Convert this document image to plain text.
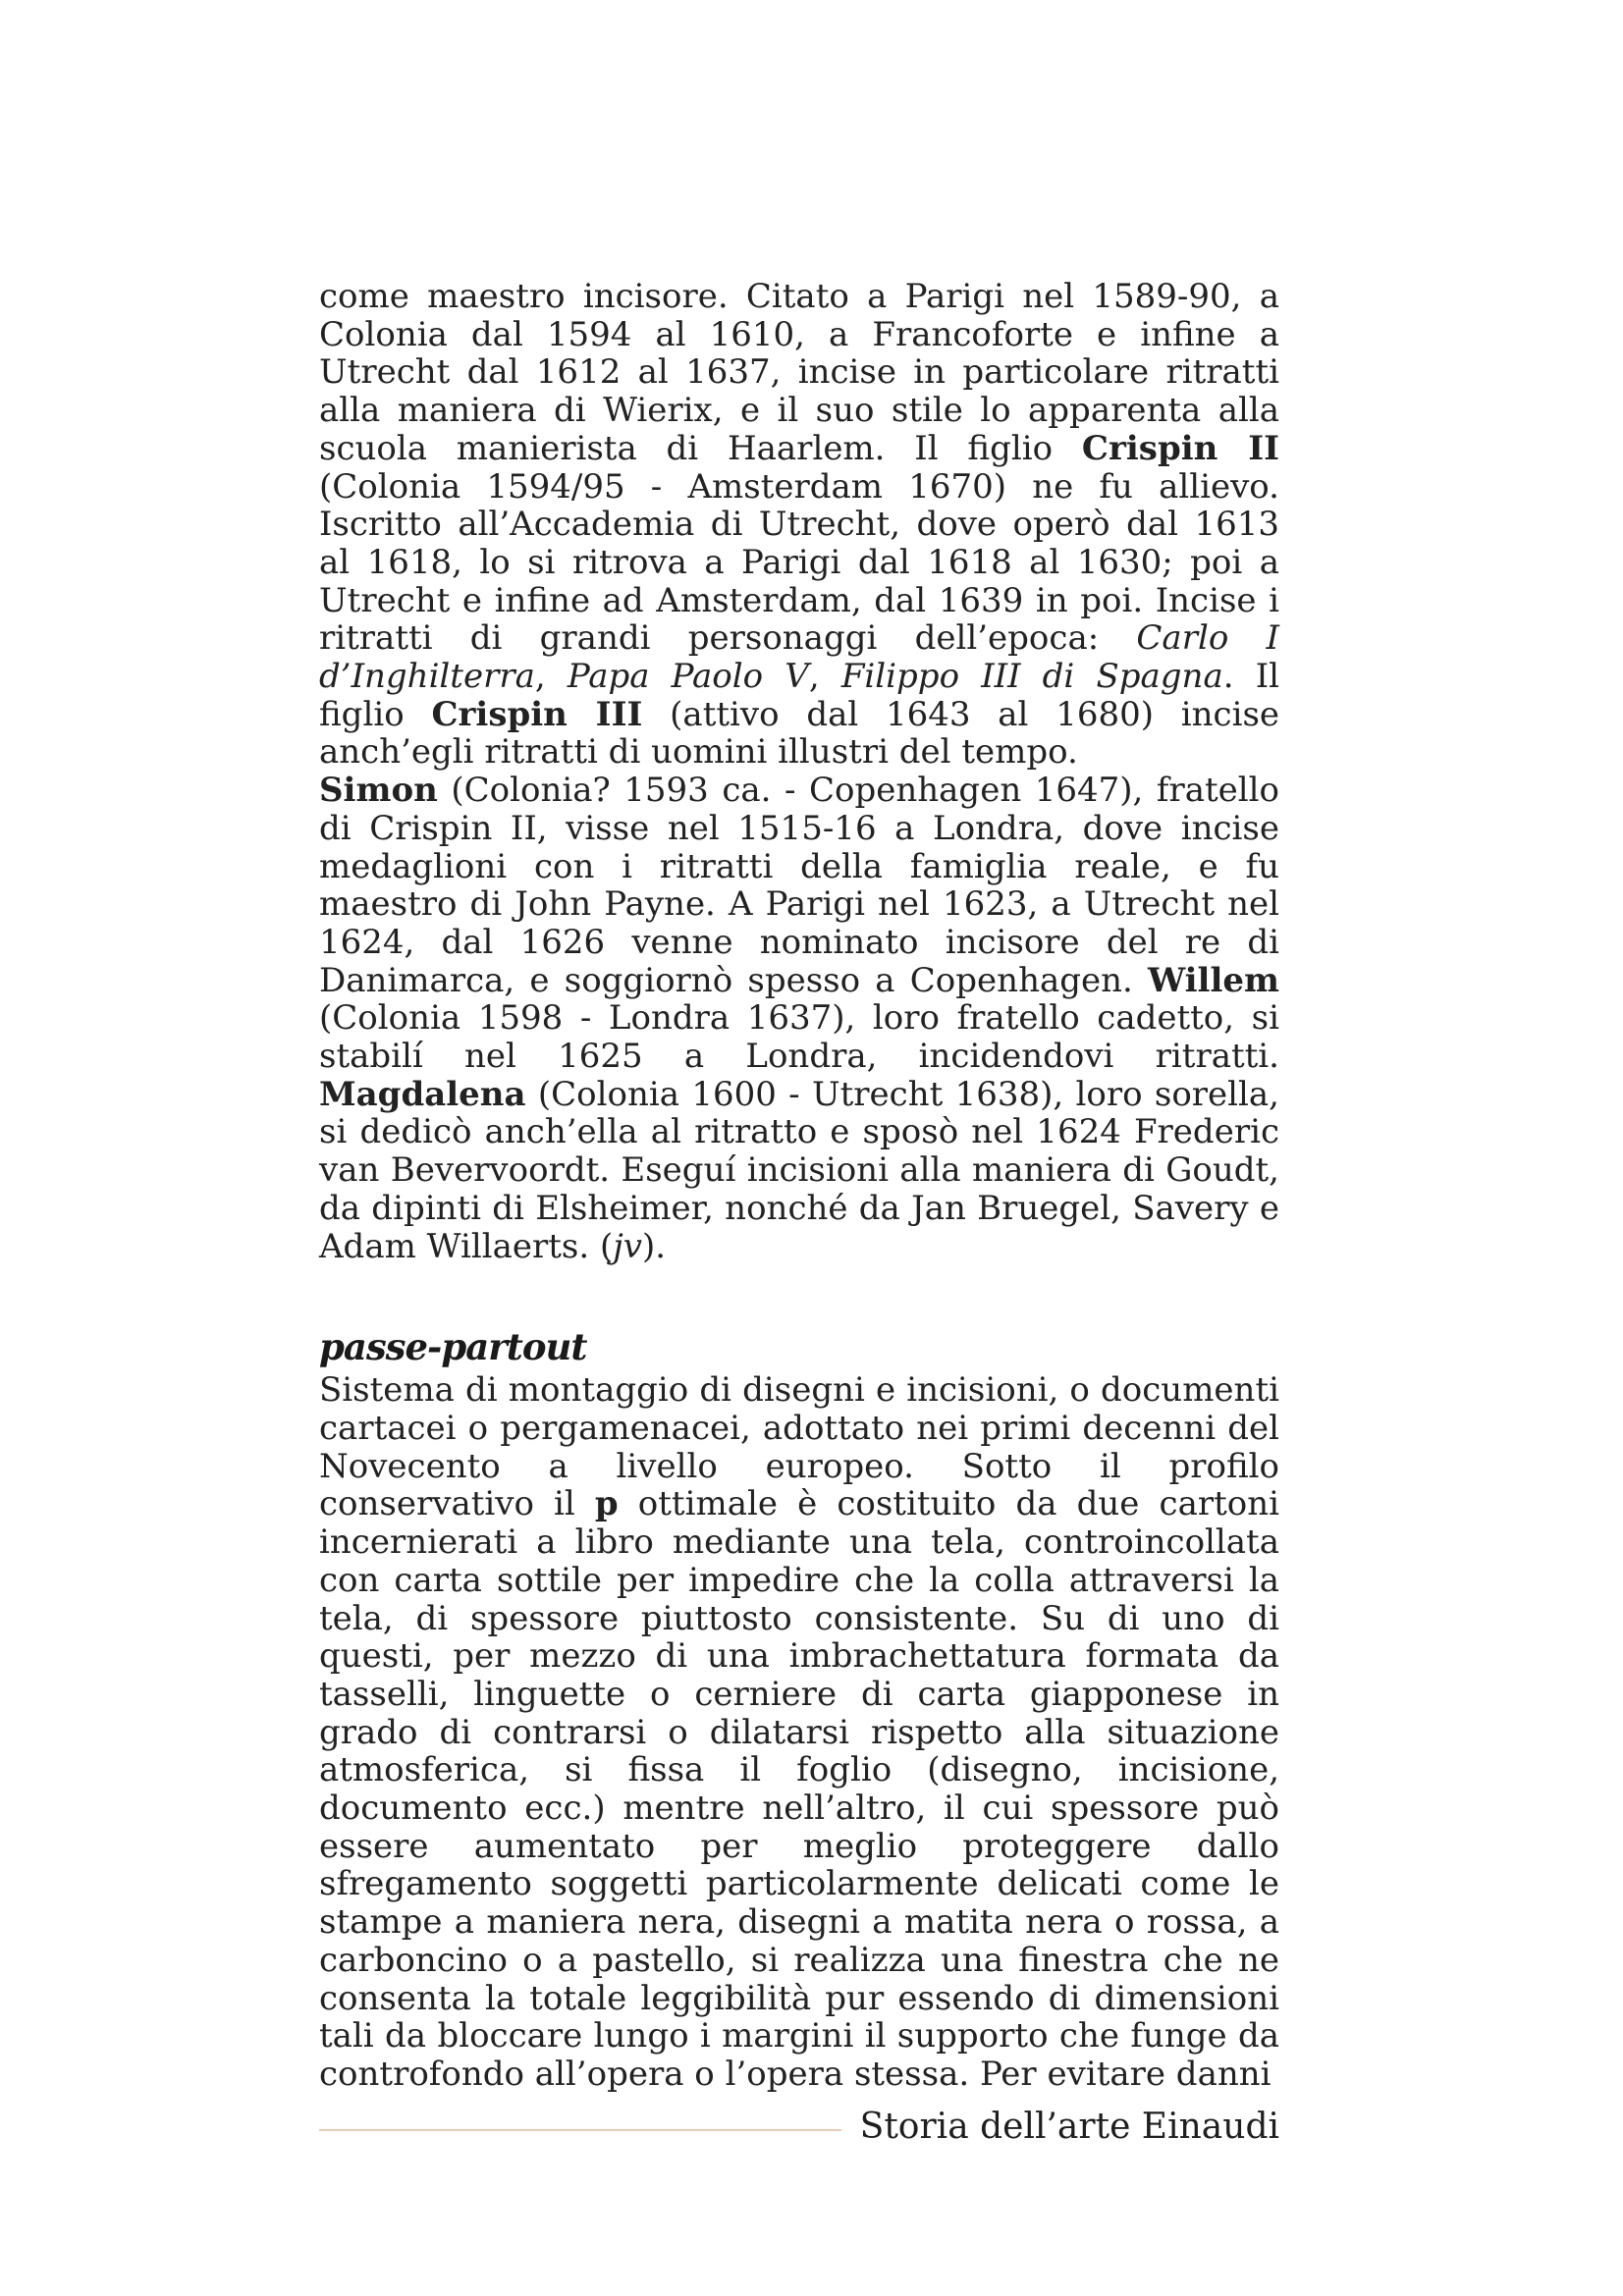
come maestro incisore. Citato a Parigi nel 1589-90, a Colonia dal 1594 al 1610, a Francoforte e infine a Utrecht dal 1612 al 1637, incise in particolare ritratti alla maniera di Wierix, e il suo stile lo apparenta alla scuola manierista di Haarlem. Il figlio Crispin II (Colonia 1594/95 - Amsterdam 1670) ne fu allievo. Iscritto all’Accademia di Utrecht, dove operò dal 1613 al 1618, lo si ritrova a Parigi dal 1618 al 1630; poi a Utrecht e infine ad Amsterdam, dal 1639 in poi. Incise i ritratti di grandi personaggi dell’epoca: Carlo I d’Inghilterra, Papa Paolo V, Filippo III di Spagna. Il figlio Crispin III (attivo dal 1643 al 1680) incise anch’egli ritratti di uomini illustri del tempo.

Simon (Colonia? 1593 ca. - Copenhagen 1647), fratello di Crispin II, visse nel 1515-16 a Londra, dove incise medaglioni con i ritratti della famiglia reale, e fu maestro di John Payne. A Parigi nel 1623, a Utrecht nel 1624, dal 1626 venne nominato incisore del re di Danimarca, e soggiornò spesso a Copenhagen. Willem (Colonia 1598 - Londra 1637), loro fratello cadetto, si stabilí nel 1625 a Londra, incidendovi ritratti. Magdalena (Colonia 1600 - Utrecht 1638), loro sorella, si dedicò anch’ella al ritratto e sposò nel 1624 Frederic van Bevervoordt. Eseguí incisioni alla maniera di Goudt, da dipinti di Elsheimer, nonché da Jan Bruegel, Savery e Adam Willaerts. (jv).

passe-partout

Sistema di montaggio di disegni e incisioni, o documenti cartacei o pergamenacei, adottato nei primi decenni del Novecento a livello europeo. Sotto il profilo conservativo il p ottimale è costituito da due cartoni incernierati a libro mediante una tela, controincollata con carta sottile per impedire che la colla attraversi la tela, di spessore piuttosto consistente. Su di uno di questi, per mezzo di una imbrachettatura formata da tasselli, linguette o cerniere di carta giapponese in grado di contrarsi o dilatarsi rispetto alla situazione atmosferica, si fissa il foglio (disegno, incisione, documento ecc.) mentre nell’altro, il cui spessore può essere aumentato per meglio proteggere dallo sfregamento soggetti particolarmente delicati come le stampe a maniera nera, disegni a matita nera o rossa, a carboncino o a pastello, si realizza una finestra che ne consenta la totale leggibilità pur essendo di dimensioni tali da bloccare lungo i margini il supporto che funge da controfondo all’opera o l’opera stessa. Per evitare danni

Storia dell’arte Einaudi
